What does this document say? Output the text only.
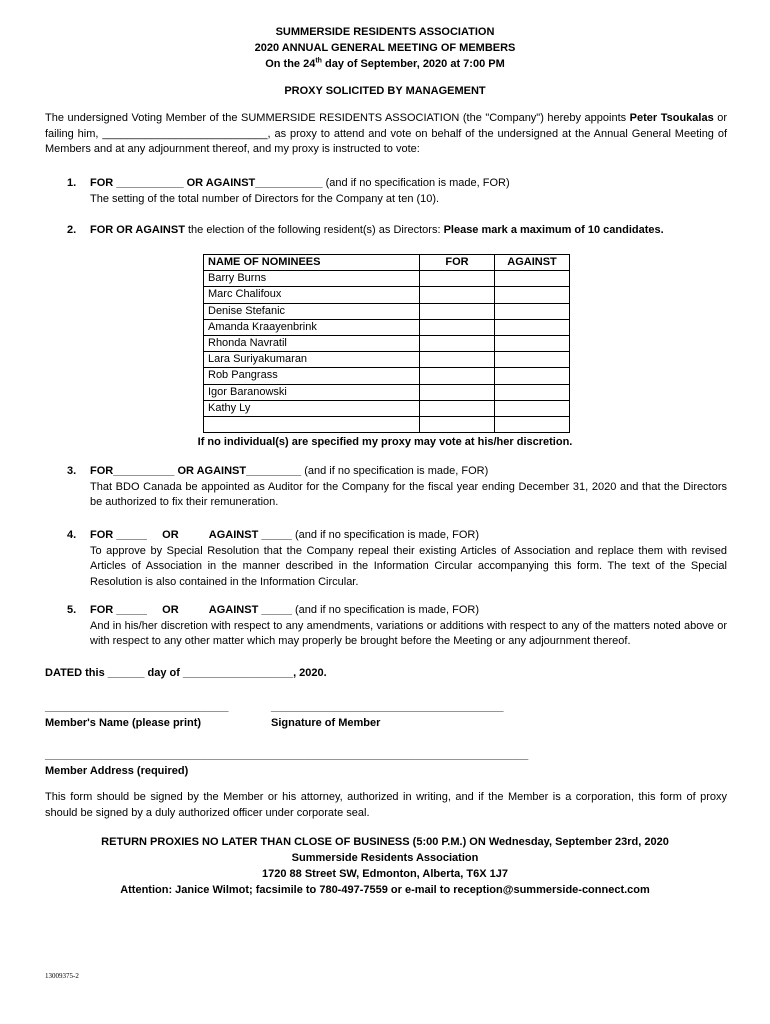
SUMMERSIDE RESIDENTS ASSOCIATION
2020 ANNUAL GENERAL MEETING OF MEMBERS
On the 24th day of September, 2020 at 7:00 PM
PROXY SOLICITED BY MANAGEMENT
The undersigned Voting Member of the SUMMERSIDE RESIDENTS ASSOCIATION (the "Company") hereby appoints Peter Tsoukalas or failing him, ___________________________, as proxy to attend and vote on behalf of the undersigned at the Annual General Meeting of Members and at any adjournment thereof, and my proxy is instructed to vote:
1. FOR ___________ OR AGAINST___________ (and if no specification is made, FOR)
The setting of the total number of Directors for the Company at ten (10).
2. FOR OR AGAINST the election of the following resident(s) as Directors: Please mark a maximum of 10 candidates.
NAME OF NOMINEES	FOR	AGAINST
Barry Burns		
Marc Chalifoux		
Denise Stefanic		
Amanda Kraayenbrink		
Rhonda Navratil		
Lara Suriyakumaran		
Rob Pangrass		
Igor Baranowski		
Kathy Ly		

If no individual(s) are specified my proxy may vote at his/her discretion.
3. FOR__________ OR AGAINST_________ (and if no specification is made, FOR)
That BDO Canada be appointed as Auditor for the Company for the fiscal year ending December 31, 2020 and that the Directors be authorized to fix their remuneration.
4. FOR _____     OR          AGAINST _____ (and if no specification is made, FOR)
To approve by Special Resolution that the Company repeal their existing Articles of Association and replace them with revised Articles of Association in the manner described in the Information Circular accompanying this form. The text of the Special Resolution is also contained in the Information Circular.
5. FOR _____     OR          AGAINST _____ (and if no specification is made, FOR)
And in his/her discretion with respect to any amendments, variations or additions with respect to any of the matters noted above or with respect to any other matter which may properly be brought before the Meeting or any adjournment thereof.
DATED this ______ day of __________________, 2020.
______________________________
Member's Name (please print)
______________________________________
Signature of Member
_______________________________________________________________________________
Member Address (required)
This form should be signed by the Member or his attorney, authorized in writing, and if the Member is a corporation, this form of proxy should be signed by a duly authorized officer under corporate seal.
RETURN PROXIES NO LATER THAN CLOSE OF BUSINESS (5:00 P.M.) ON Wednesday, September 23rd, 2020
Summerside Residents Association
1720 88 Street SW, Edmonton, Alberta, T6X 1J7
Attention: Janice Wilmot; facsimile to 780-497-7559 or e-mail to reception@summerside-connect.com
13009375-2
